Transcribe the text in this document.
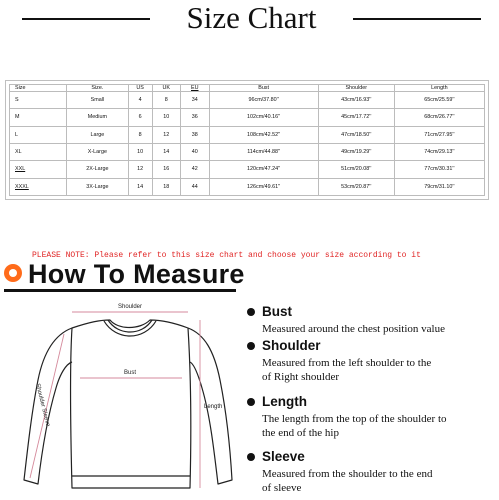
Size Chart
Size	Size.	US	UK	EU	Bust	Shoulder	Length
S	Small	4	8	34	96cm/37.80''	43cm/16.93''	65cm/25.59''
M	Medium	6	10	36	102cm/40.16''	45cm/17.72''	68cm/26.77''
L	Large	8	12	38	108cm/42.52''	47cm/18.50''	71cm/27.95''
XL	X-Large	10	14	40	114cm/44.88''	49cm/19.29''	74cm/29.13''
XXL	2X-Large	12	16	42	120cm/47.24''	51cm/20.08''	77cm/30.31''
XXXL	3X-Large	14	18	44	126cm/49.61''	53cm/20.87''	79cm/31.10''
PLEASE NOTE: Please refer to this size chart and choose your size according to it
How To Measure
Shoulder
Bust
Shoulder Sleeve	Length
Bust
Measured around the chest position value
Shoulder
Measured from the left shoulder to the
of Right shoulder
Length
The length from the top of the shoulder to
the end of the hip
Sleeve
Measured from the shoulder to the end
of sleeve
